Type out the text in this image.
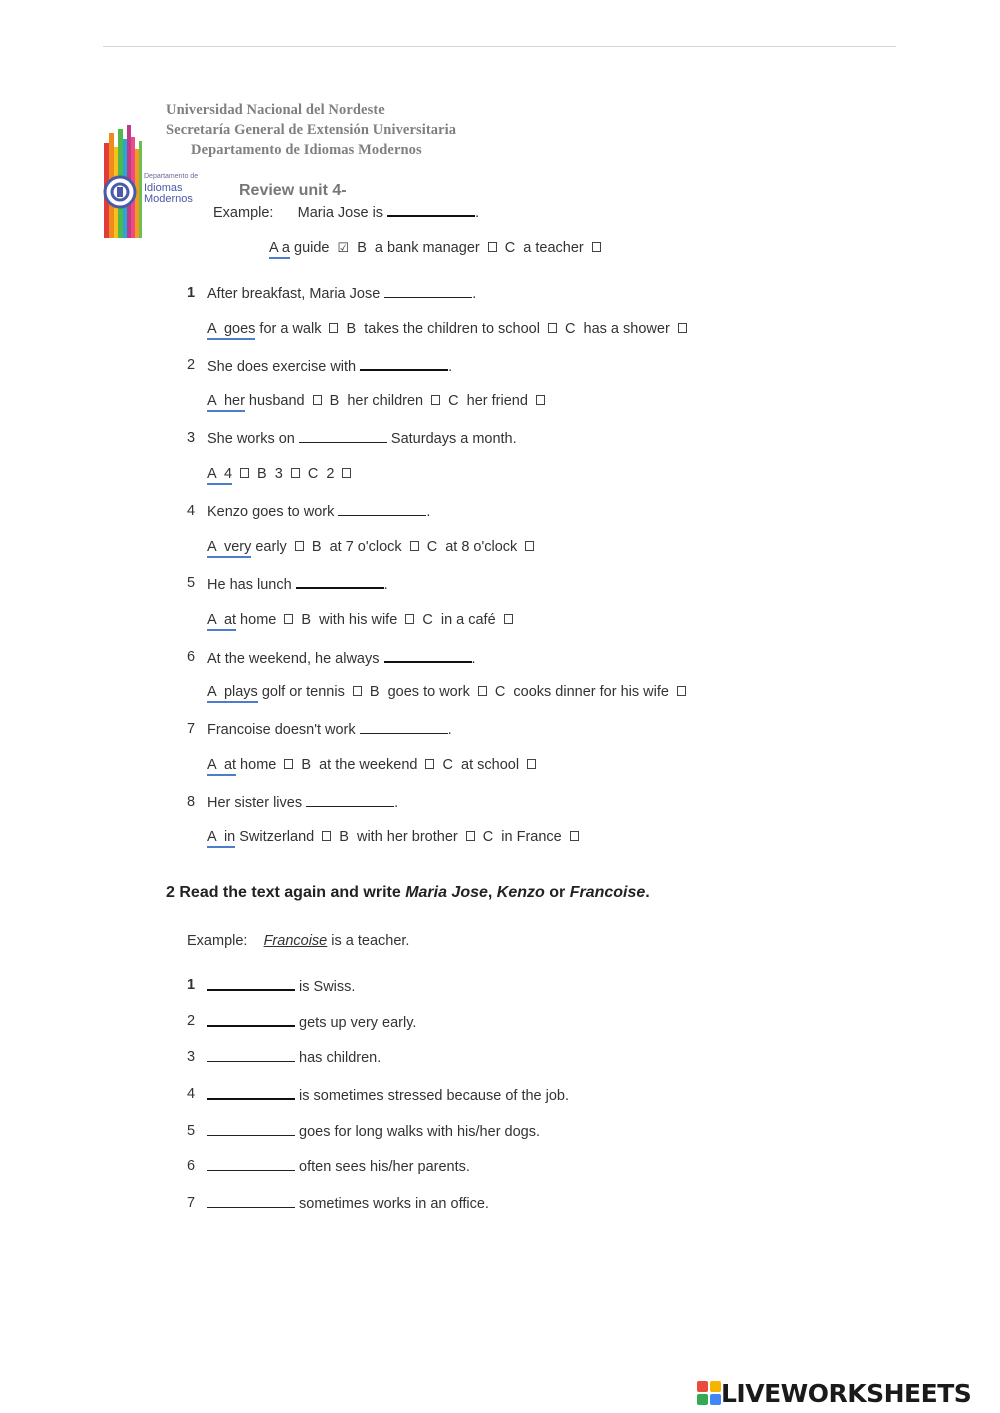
Universidad Nacional del Nordeste
Secretaría General de Extensión Universitaria
Departamento de Idiomas Modernos
Departamento de
Idiomas
Modernos	Review unit 4-
Example: Maria Jose is	.
A a guide ☑ B  a bank manager C  a teacher
1 After breakfast, Maria Jose	.
A  goes for a walk B  takes the children to school C  has a shower
2 She does exercise with	.
A  her husband B  her children C  her friend
3 She works on	Saturdays a month.
A  4 B  3 C  2
4 Kenzo goes to work	.
A  very early B  at 7 o'clock C  at 8 o'clock
5 He has lunch	.
A  at home B  with his wife C  in a café
6 At the weekend, he always	.
A  plays golf or tennis B  goes to work C  cooks dinner for his wife
7 Francoise doesn't work	.
A  at home B  at the weekend C  at school
8 Her sister lives	.
A  in Switzerland B  with her brother C  in France
2 Read the text again and write Maria Jose, Kenzo or Francoise.
Example: Francoise is a teacher.
1	is Swiss.
2	gets up very early.
3	has children.
4	is sometimes stressed because of the job.
5	goes for long walks with his/her dogs.
6	often sees his/her parents.
7	sometimes works in an office.
LIVEWORKSHEETS
